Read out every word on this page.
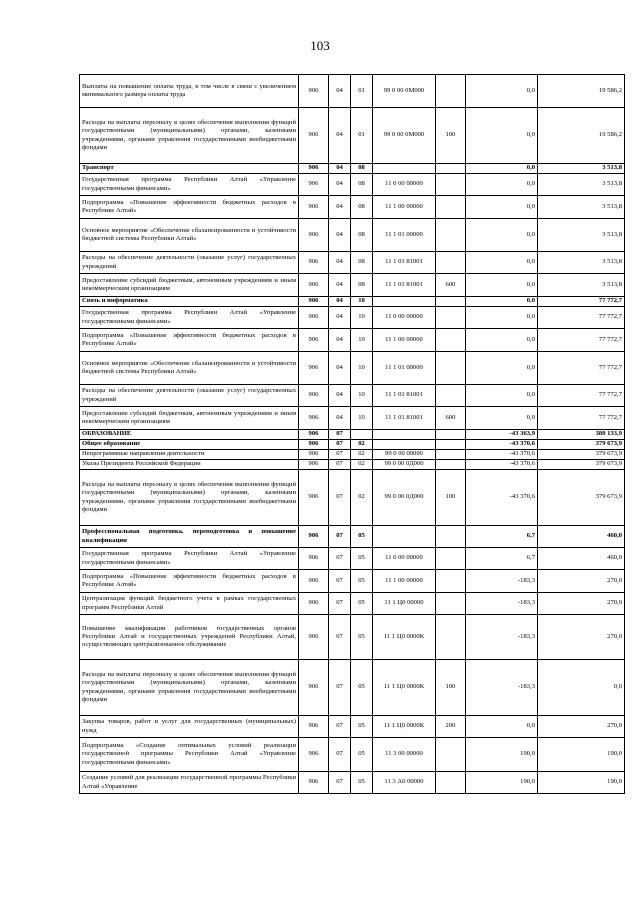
103
Выплаты на повышение оплаты труда, в том числе в связи с увеличением минимального размера оплаты труда	906	04	01	99 0 00 0М000		0,0	19 586,2
Расходы на выплаты персоналу в целях обеспечения выполнения функций государственными (муниципальными) органами, казенными учреждениями, органами управления государственными внебюджетными фондами	906	04	01	99 0 00 0М000	100	0,0	19 586,2
Транспорт	906	04	08			0,0	3 513,8
Государственная программа Республики Алтай «Управление государственными финансами»	906	04	08	11 0 00 00000		0,0	3 513,8
Подпрограмма «Повышение эффективности бюджетных расходов в Республике Алтай»	906	04	08	11 1 00 00000		0,0	3 513,8
Основное мероприятие «Обеспечение сбалансированности и устойчивости бюджетной системы Республики Алтай»	906	04	08	11 1 01 00000		0,0	3 513,8
Расходы на обеспечение деятельности (оказание услуг) государственных учреждений	906	04	08	11 1 01 81001		0,0	3 513,8
Предоставление субсидий бюджетным, автономным учреждениям и иным некоммерческим организациям	906	04	08	11 1 01 81001	600	0,0	3 513,8
Связь и информатика	906	04	10			0,0	77 772,7
Государственная программа Республики Алтай «Управление государственными финансами»	906	04	10	11 0 00 00000		0,0	77 772,7
Подпрограмма «Повышение эффективности бюджетных расходов в Республике Алтай»	906	04	10	11 1 00 00000		0,0	77 772,7
Основное мероприятие «Обеспечение сбалансированности и устойчивости бюджетной системы Республики Алтай»	906	04	10	11 1 01 00000		0,0	77 772,7
Расходы на обеспечение деятельности (оказание услуг) государственных учреждений	906	04	10	11 1 01 81001		0,0	77 772,7
Предоставление субсидий бюджетным, автономным учреждениям и иным некоммерческим организациям	906	04	10	11 1 01 81001	600	0,0	77 772,7
ОБРАЗОВАНИЕ	906	07				-43 363,9	380 133,9
Общее образование	906	07	02			-43 370,6	379 673,9
Непрограммные направления деятельности	906	07	02	99 0 00 00000		-43 370,6	379 673,9
Указы Президента Российской Федерации	906	07	02	99 0 00 0Д000		-43 370,6	379 673,9
Расходы на выплаты персоналу в целях обеспечения выполнения функций государственными (муниципальными) органами, казенными учреждениями, органами управления государственными внебюджетными фондами	906	07	02	99 0 00 0Д000	100	-43 370,6	379 673,9
Профессиональная подготовка, переподготовка и повышение квалификации	906	07	05			6,7	460,0
Государственная программа Республики Алтай «Управление государственными финансами»	906	07	05	11 0 00 00000		6,7	460,0
Подпрограмма «Повышение эффективности бюджетных расходов в Республике Алтай»	906	07	05	11 1 00 00000		-183,3	270,0
Централизация функций бюджетного учета в рамках государственных программ Республики Алтай	906	07	05	11 1 Ц0 00000		-183,3	270,0
Повышение квалификации работников государственных органов Республики Алтай и государственных учреждений Республики Алтай, осуществляющих централизованное обслуживание	906	07	05	11 1 Ц0 0000К		-183,3	270,0
Расходы на выплаты персоналу в целях обеспечения выполнения функций государственными (муниципальными) органами, казенными учреждениями, органами управления государственными внебюджетными фондами	906	07	05	11 1 Ц0 0000К	100	-183,3	0,0
Закупка товаров, работ и услуг для государственных (муниципальных) нужд	906	07	05	11 1 Ц0 0000К	200	0,0	270,0
Подпрограмма «Создание оптимальных условий реализации государственной программы Республики Алтай «Управление государственными финансами»	906	07	05	11 3 00 00000		190,0	190,0
Создание условий для реализации государственной программы Республики Алтай «Управление	906	07	05	11 3 А0 00000		190,0	190,0
